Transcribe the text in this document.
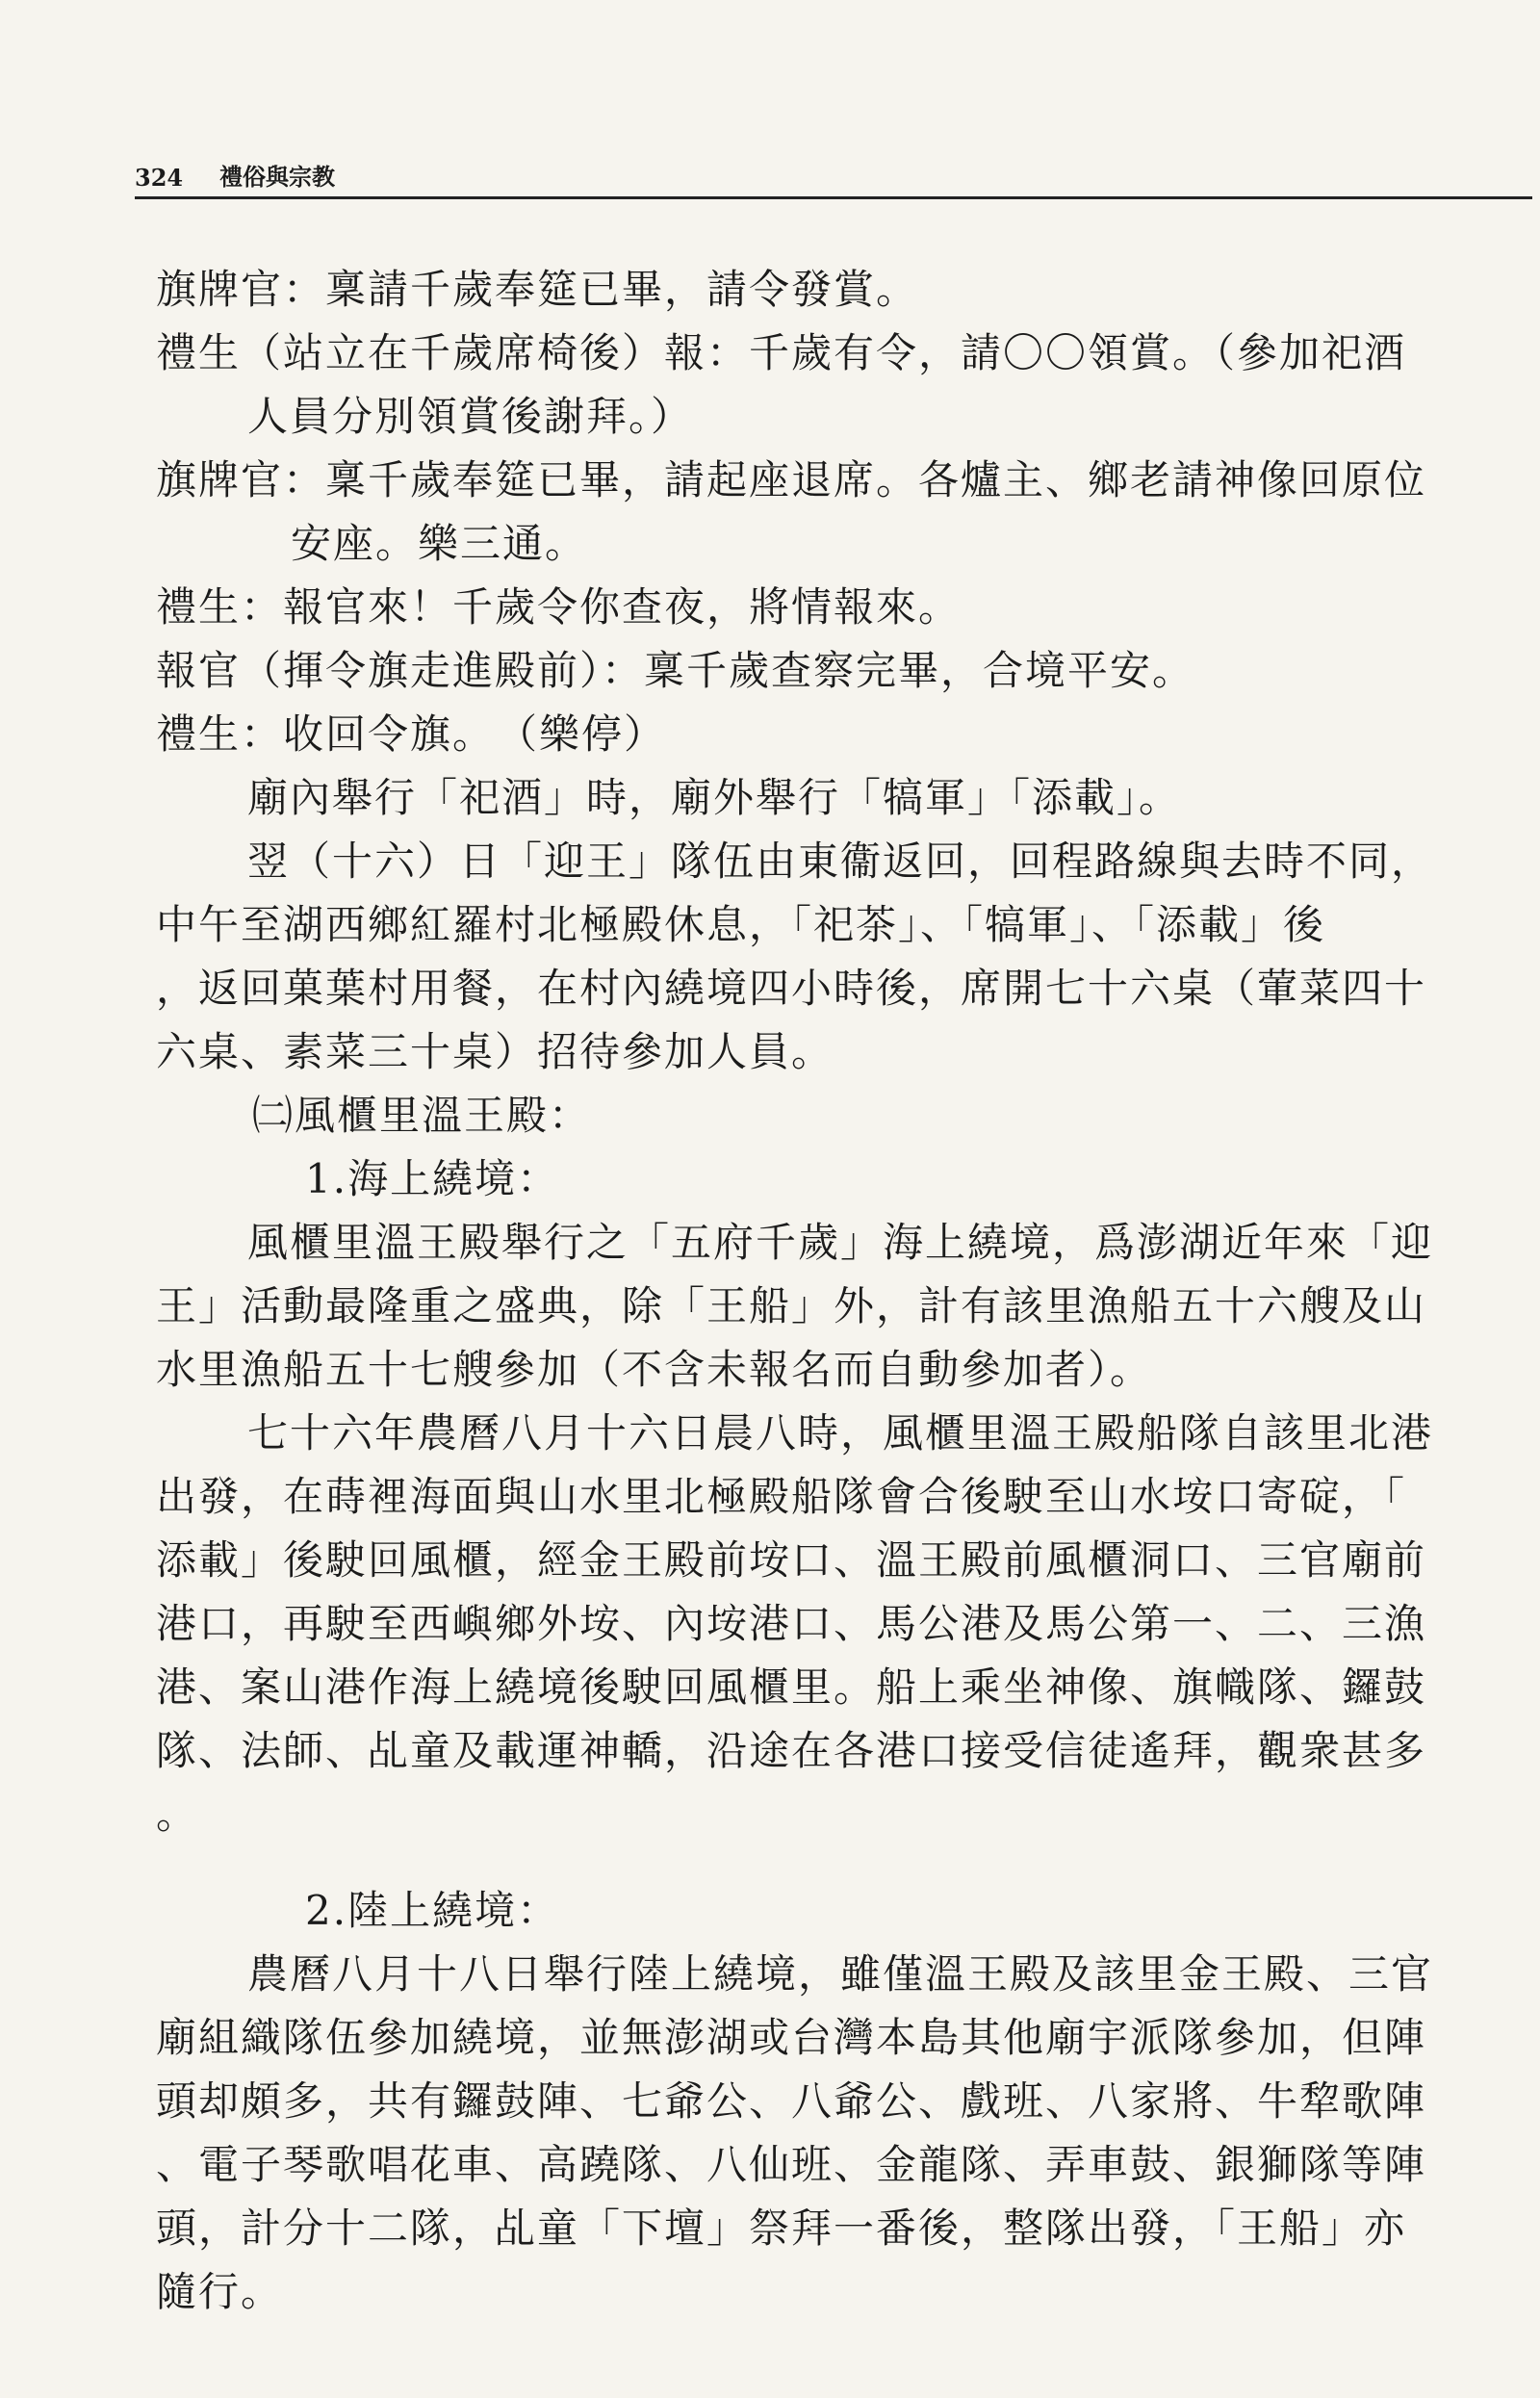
324 禮俗與宗教
旗牌官：稟請千歲奉筵已畢，請令發賞。
禮生（站立在千歲席椅後）報：千歲有令，請〇〇領賞。（參加祀酒
人員分別領賞後謝拜。）
旗牌官：稟千歲奉筵已畢，請起座退席。各爐主、鄉老請神像回原位
安座。樂三通。
禮生：報官來！千歲令你查夜，將情報來。
報官（揮令旗走進殿前）：稟千歲查察完畢，合境平安。
禮生：收回令旗。　（樂停）
廟內舉行「祀酒」時，廟外舉行「犒軍」「添載」。
翌（十六）日「迎王」隊伍由東衞返回，回程路線與去時不同，
中午至湖西鄉紅羅村北極殿休息，「祀茶」、「犒軍」、「添載」後
，返回菓葉村用餐，在村內繞境四小時後，席開七十六桌（葷菜四十
六桌、素菜三十桌）招待參加人員。
㈡風櫃里溫王殿：
1.海上繞境：
風櫃里溫王殿舉行之「五府千歲」海上繞境，爲澎湖近年來「迎
王」活動最隆重之盛典，除「王船」外，計有該里漁船五十六艘及山
水里漁船五十七艘參加（不含未報名而自動參加者）。
七十六年農曆八月十六日晨八時，風櫃里溫王殿船隊自該里北港
出發，在蒔裡海面與山水里北極殿船隊會合後駛至山水垵口寄碇，「
添載」後駛回風櫃，經金王殿前垵口、溫王殿前風櫃洞口、三官廟前
港口，再駛至西嶼鄉外垵、內垵港口、馬公港及馬公第一、二、三漁
港、案山港作海上繞境後駛回風櫃里。船上乘坐神像、旗幟隊、鑼鼓
隊、法師、乩童及載運神轎，沿途在各港口接受信徒遙拜，觀衆甚多
。
2.陸上繞境：
農曆八月十八日舉行陸上繞境，雖僅溫王殿及該里金王殿、三官
廟組織隊伍參加繞境，並無澎湖或台灣本島其他廟宇派隊參加，但陣
頭却頗多，共有鑼鼓陣、七爺公、八爺公、戲班、八家將、牛犂歌陣
、電子琴歌唱花車、高蹺隊、八仙班、金龍隊、弄車鼓、銀獅隊等陣
頭，計分十二隊，乩童「下壇」祭拜一番後，整隊出發，「王船」亦
隨行。
